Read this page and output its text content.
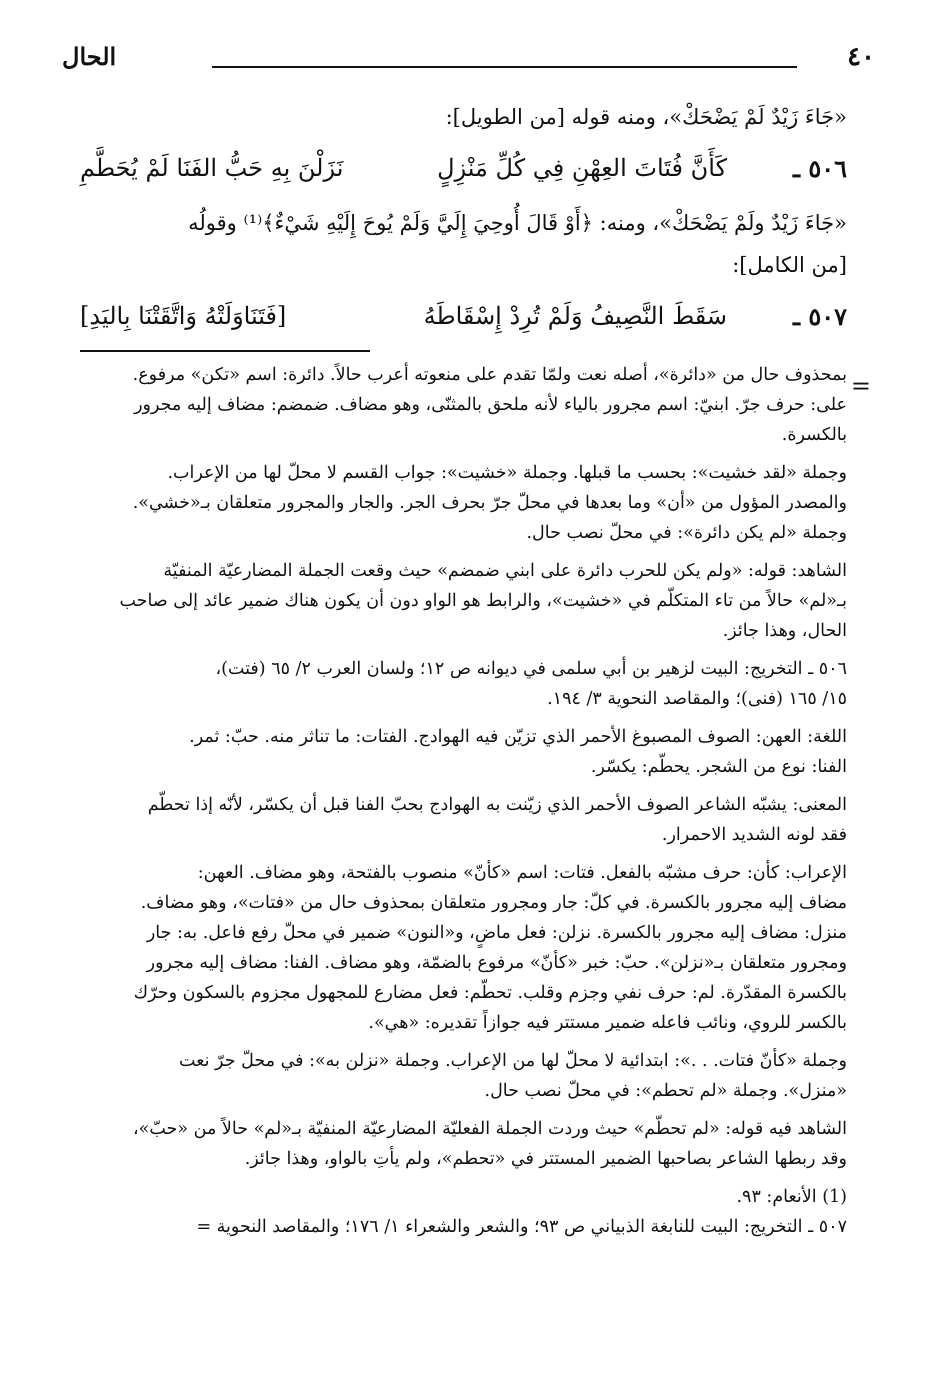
٤٠
الحال
«جَاءَ زَيْدٌ لَمْ يَضْحَكْ»، ومنه قوله [من الطويل]:
٥٠٦ ـ
كَأَنَّ فُتَاتَ العِهْنِ فِي كُلِّ مَنْزِلٍ
نَزَلْنَ بِهِ حَبُّ الفَنَا لَمْ يُحَطَّمِ
«جَاءَ زَيْدٌ ولَمْ يَضْحَكْ»، ومنه: ﴿أَوْ قَالَ أُوحِيَ إِلَيَّ وَلَمْ يُوحَ إِلَيْهِ شَيْءٌ﴾⁽¹⁾ وقولُه
[من الكامل]:
٥٠٧ ـ
سَقَطَ النَّصِيفُ وَلَمْ تُرِدْ إِسْقَاطَهُ
[فَتَنَاوَلَتْهُ وَاتَّقَتْنَا بِاليَدِ]
=
بمحذوف حال من «دائرة»، أصله نعت ولمّا تقدم على منعوته أعرب حالاً. دائرة: اسم «تكن» مرفوع.
على: حرف جرّ. ابنيّ: اسم مجرور بالياء لأنه ملحق بالمثنّى، وهو مضاف. ضمضم: مضاف إليه مجرور
بالكسرة.
وجملة «لقد خشيت»: بحسب ما قبلها. وجملة «خشيت»: جواب القسم لا محلّ لها من الإعراب.
والمصدر المؤول من «أن» وما بعدها في محلّ جرّ بحرف الجر. والجار والمجرور متعلقان بـ«خشي».
وجملة «لم يكن دائرة»: في محلّ نصب حال.
الشاهد: قوله: «ولم يكن للحرب دائرة على ابني ضمضم» حيث وقعت الجملة المضارعيّة المنفيّة
بـ«لم» حالاً من تاء المتكلّم في «خشيت»، والرابط هو الواو دون أن يكون هناك ضمير عائد إلى صاحب
الحال، وهذا جائز.
٥٠٦ ـ التخريج: البيت لزهير بن أبي سلمى في ديوانه ص ١٢؛ ولسان العرب ٢/ ٦٥ (فتت)،
١٥/ ١٦٥ (فنى)؛ والمقاصد النحوية ٣/ ١٩٤.
اللغة: العهن: الصوف المصبوغ الأحمر الذي تزيّن فيه الهوادج. الفتات: ما تناثر منه. حبّ: ثمر.
الفنا: نوع من الشجر. يحطّم: يكسّر.
المعنى: يشبّه الشاعر الصوف الأحمر الذي زيّنت به الهوادج بحبّ الفنا قبل أن يكسّر، لأنّه إذا تحطّم
فقد لونه الشديد الاحمرار.
الإعراب: كأن: حرف مشبّه بالفعل. فتات: اسم «كأنّ» منصوب بالفتحة، وهو مضاف. العهن:
مضاف إليه مجرور بالكسرة. في كلّ: جار ومجرور متعلقان بمحذوف حال من «فتات»، وهو مضاف.
منزل: مضاف إليه مجرور بالكسرة. نزلن: فعل ماضٍ، و«النون» ضمير في محلّ رفع فاعل. به: جار
ومجرور متعلقان بـ«نزلن». حبّ: خبر «كأنّ» مرفوع بالضمّة، وهو مضاف. الفنا: مضاف إليه مجرور
بالكسرة المقدّرة. لم: حرف نفي وجزم وقلب. تحطّم: فعل مضارع للمجهول مجزوم بالسكون وحرّك
بالكسر للروي، ونائب فاعله ضمير مستتر فيه جوازاً تقديره: «هي».
وجملة «كأنّ فتات. . .»: ابتدائية لا محلّ لها من الإعراب. وجملة «نزلن به»: في محلّ جرّ نعت
«منزل». وجملة «لم تحطم»: في محلّ نصب حال.
الشاهد فيه قوله: «لم تحطّم» حيث وردت الجملة الفعليّة المضارعيّة المنفيّة بـ«لم» حالاً من «حبّ»،
وقد ربطها الشاعر بصاحبها الضمير المستتر في «تحطم»، ولم يأتِ بالواو، وهذا جائز.
(1) الأنعام: ٩٣.
٥٠٧ ـ التخريج: البيت للنابغة الذبياني ص ٩٣؛ والشعر والشعراء ١/ ١٧٦؛ والمقاصد النحوية =
